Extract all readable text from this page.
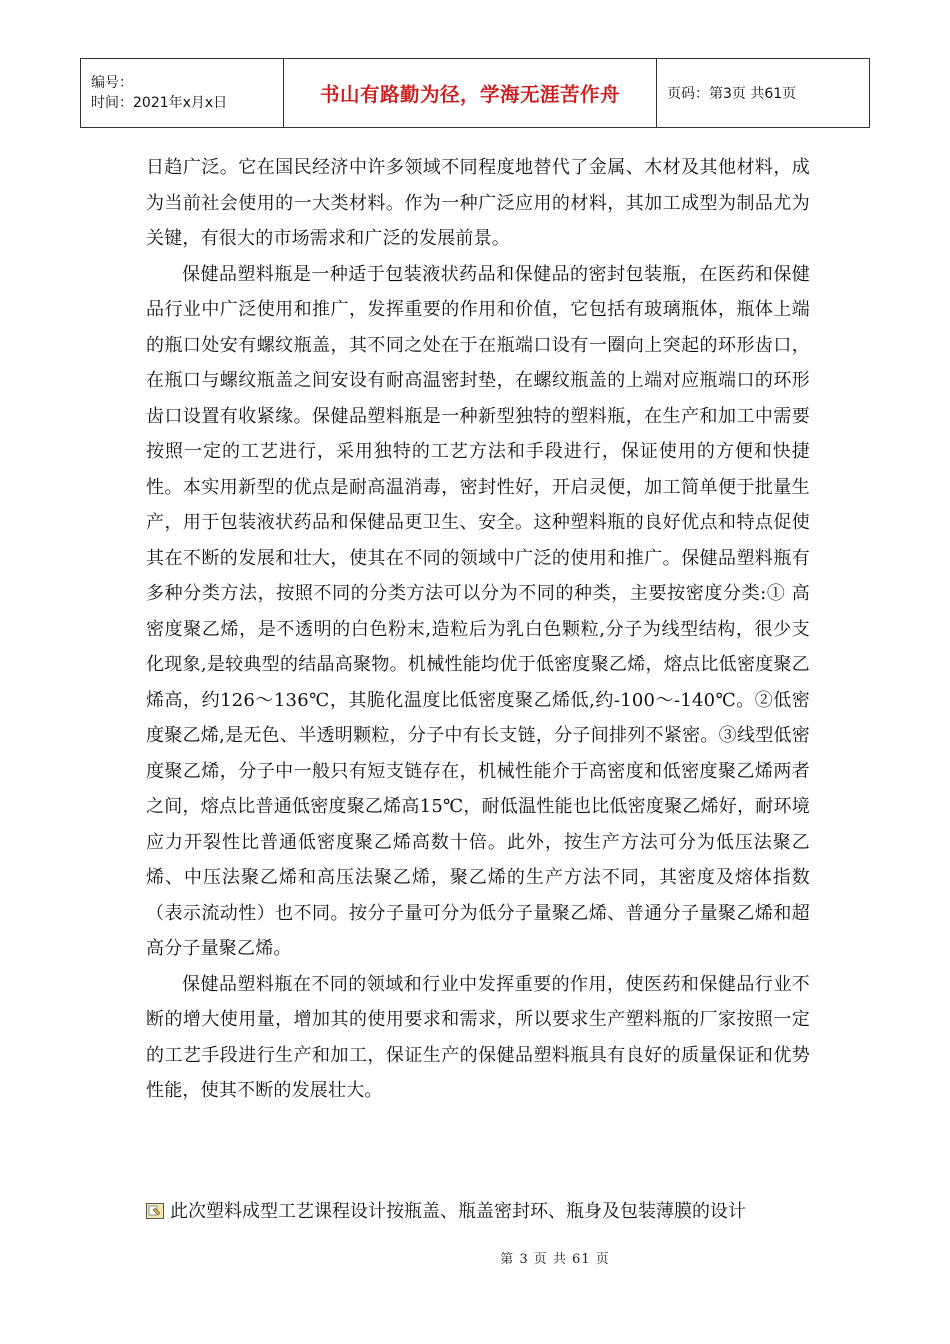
编号：
时间：2021年x月x日	书山有路勤为径，学海无涯苦作舟	页码：第3页 共61页

日趋广泛。它在国民经济中许多领域不同程度地替代了金属、木材及其他材料，成为当前社会使用的一大类材料。作为一种广泛应用的材料，其加工成型为制品尤为关键，有很大的市场需求和广泛的发展前景。

保健品塑料瓶是一种适于包装液状药品和保健品的密封包装瓶，在医药和保健品行业中广泛使用和推广，发挥重要的作用和价值，它包括有玻璃瓶体，瓶体上端的瓶口处安有螺纹瓶盖，其不同之处在于在瓶端口设有一圈向上突起的环形齿口，在瓶口与螺纹瓶盖之间安设有耐高温密封垫，在螺纹瓶盖的上端对应瓶端口的环形齿口设置有收紧缘。保健品塑料瓶是一种新型独特的塑料瓶，在生产和加工中需要按照一定的工艺进行，采用独特的工艺方法和手段进行，保证使用的方便和快捷性。本实用新型的优点是耐高温消毒，密封性好，开启灵便，加工简单便于批量生产，用于包装液状药品和保健品更卫生、安全。这种塑料瓶的良好优点和特点促使其在不断的发展和壮大，使其在不同的领域中广泛的使用和推广。保健品塑料瓶有多种分类方法，按照不同的分类方法可以分为不同的种类，主要按密度分类:① 高密度聚乙烯，是不透明的白色粉末,造粒后为乳白色颗粒,分子为线型结构，很少支化现象,是较典型的结晶高聚物。机械性能均优于低密度聚乙烯，熔点比低密度聚乙烯高，约126～136℃，其脆化温度比低密度聚乙烯低,约-100～-140℃。②低密度聚乙烯,是无色、半透明颗粒，分子中有长支链，分子间排列不紧密。③线型低密度聚乙烯，分子中一般只有短支链存在，机械性能介于高密度和低密度聚乙烯两者之间，熔点比普通低密度聚乙烯高15℃，耐低温性能也比低密度聚乙烯好，耐环境应力开裂性比普通低密度聚乙烯高数十倍。此外，按生产方法可分为低压法聚乙烯、中压法聚乙烯和高压法聚乙烯，聚乙烯的生产方法不同，其密度及熔体指数（表示流动性）也不同。按分子量可分为低分子量聚乙烯、普通分子量聚乙烯和超高分子量聚乙烯。

保健品塑料瓶在不同的领域和行业中发挥重要的作用，使医药和保健品行业不断的增大使用量，增加其的使用要求和需求，所以要求生产塑料瓶的厂家按照一定的工艺手段进行生产和加工，保证生产的保健品塑料瓶具有良好的质量保证和优势性能，使其不断的发展壮大。

此次塑料成型工艺课程设计按瓶盖、瓶盖密封环、瓶身及包装薄膜的设计
第 3 页 共 61 页
